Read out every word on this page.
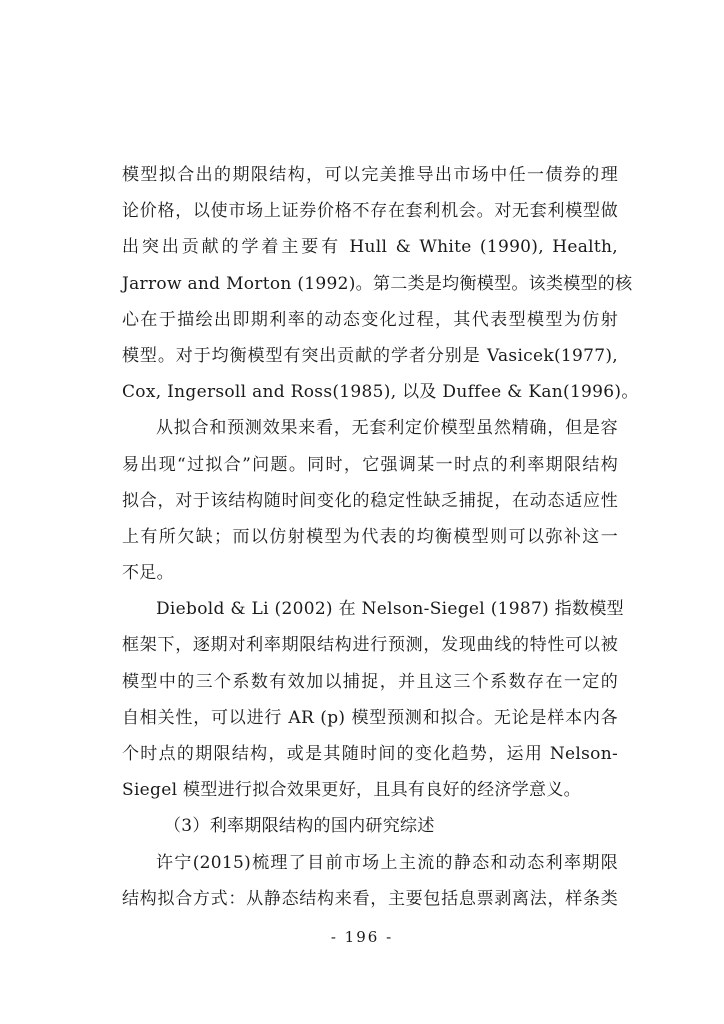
模型拟合出的期限结构，可以完美推导出市场中任一债券的理
论价格，以使市场上证券价格不存在套利机会。对无套利模型做
出突出贡献的学着主要有 Hull & White (1990), Health,
Jarrow and Morton (1992)。第二类是均衡模型。该类模型的核
心在于描绘出即期利率的动态变化过程，其代表型模型为仿射
模型。对于均衡模型有突出贡献的学者分别是 Vasicek(1977),
Cox, Ingersoll and Ross(1985), 以及 Duffee & Kan(1996)。
从拟合和预测效果来看，无套利定价模型虽然精确，但是容
易出现“过拟合”问题。同时，它强调某一时点的利率期限结构
拟合，对于该结构随时间变化的稳定性缺乏捕捉，在动态适应性
上有所欠缺；而以仿射模型为代表的均衡模型则可以弥补这一
不足。
Diebold & Li (2002) 在 Nelson-Siegel (1987) 指数模型
框架下，逐期对利率期限结构进行预测，发现曲线的特性可以被
模型中的三个系数有效加以捕捉，并且这三个系数存在一定的
自相关性，可以进行 AR (p) 模型预测和拟合。无论是样本内各
个时点的期限结构，或是其随时间的变化趋势，运用 Nelson-
Siegel 模型进行拟合效果更好，且具有良好的经济学意义。
（3）利率期限结构的国内研究综述
许宁(2015)梳理了目前市场上主流的静态和动态利率期限
结构拟合方式：从静态结构来看，主要包括息票剥离法，样条类
- 196 -
